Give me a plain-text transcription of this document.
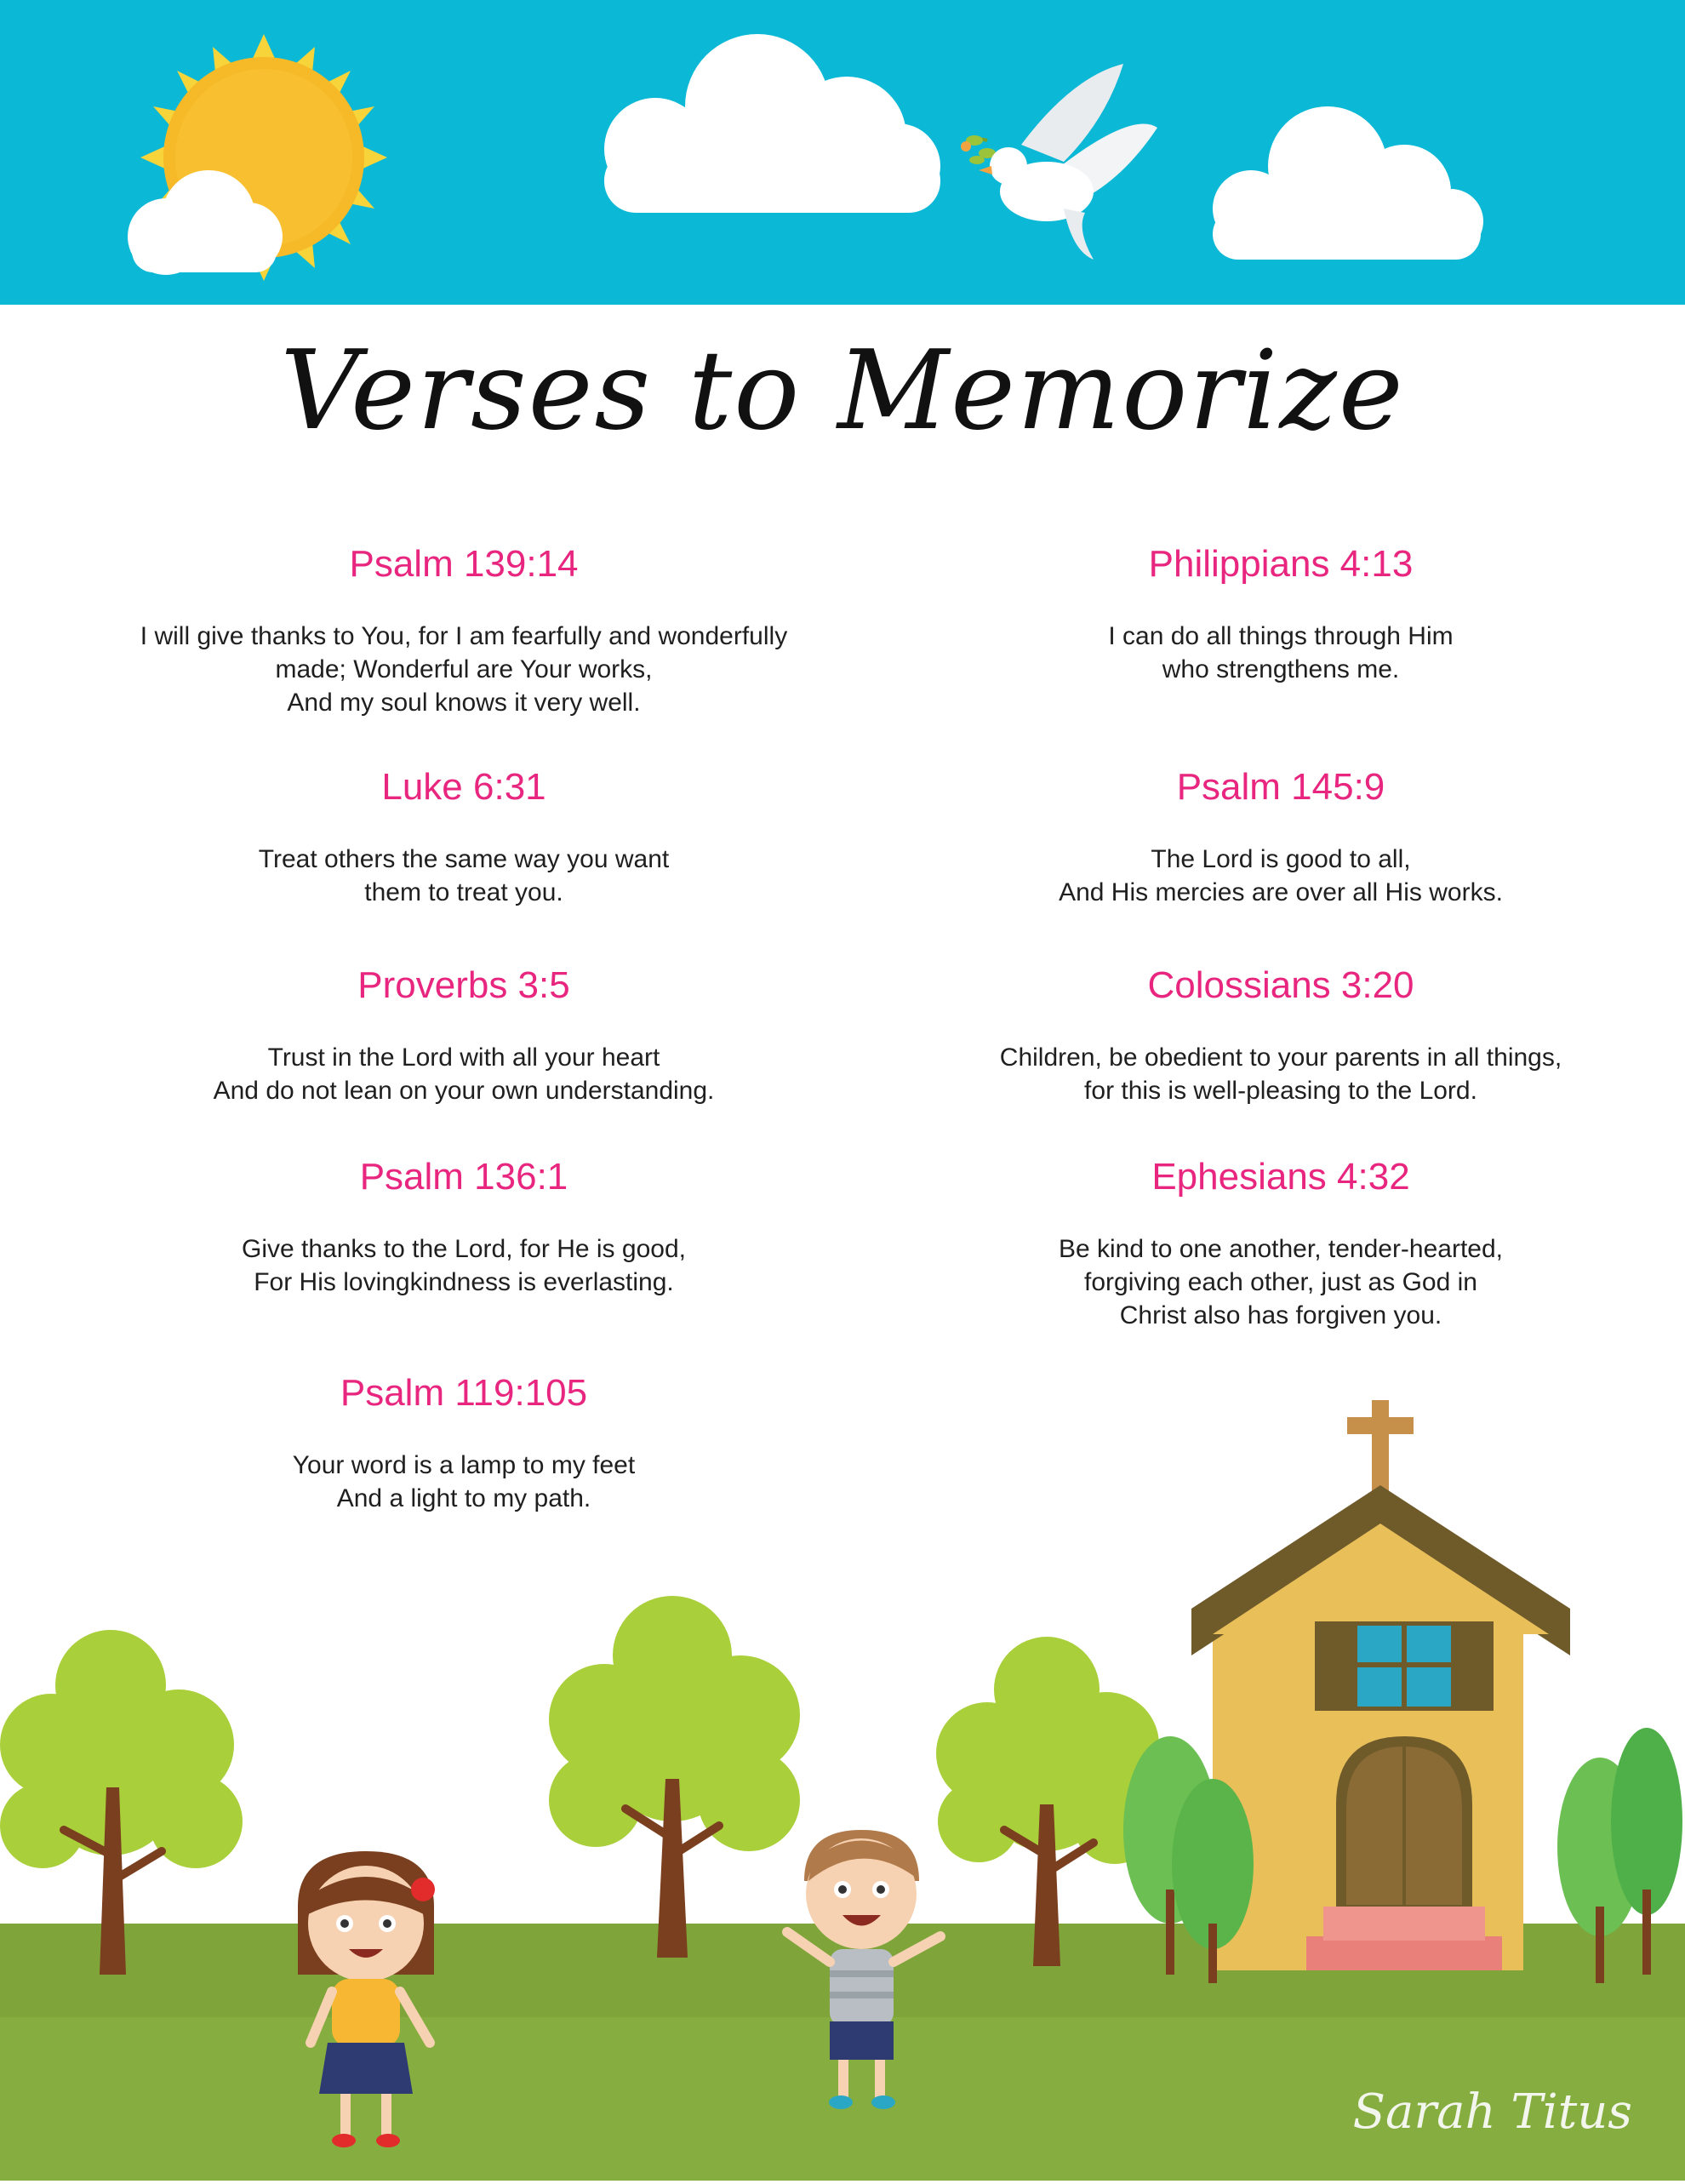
Verses to Memorize
Psalm 139:14

I will give thanks to You, for I am fearfully and wonderfully
made; Wonderful are Your works,
And my soul knows it very well.

Luke 6:31

Treat others the same way you want
them to treat you.

Proverbs 3:5

Trust in the Lord with all your heart
And do not lean on your own understanding.

Psalm 136:1

Give thanks to the Lord, for He is good,
For His lovingkindness is everlasting.

Psalm 119:105

Your word is a lamp to my feet
And a light to my path.

Philippians 4:13

I can do all things through Him
who strengthens me.

Psalm 145:9

The Lord is good to all,
And His mercies are over all His works.

Colossians 3:20

Children, be obedient to your parents in all things,
for this is well-pleasing to the Lord.

Ephesians 4:32

Be kind to one another, tender-hearted,
forgiving each other, just as God in
Christ also has forgiven you.

Sarah Titus
